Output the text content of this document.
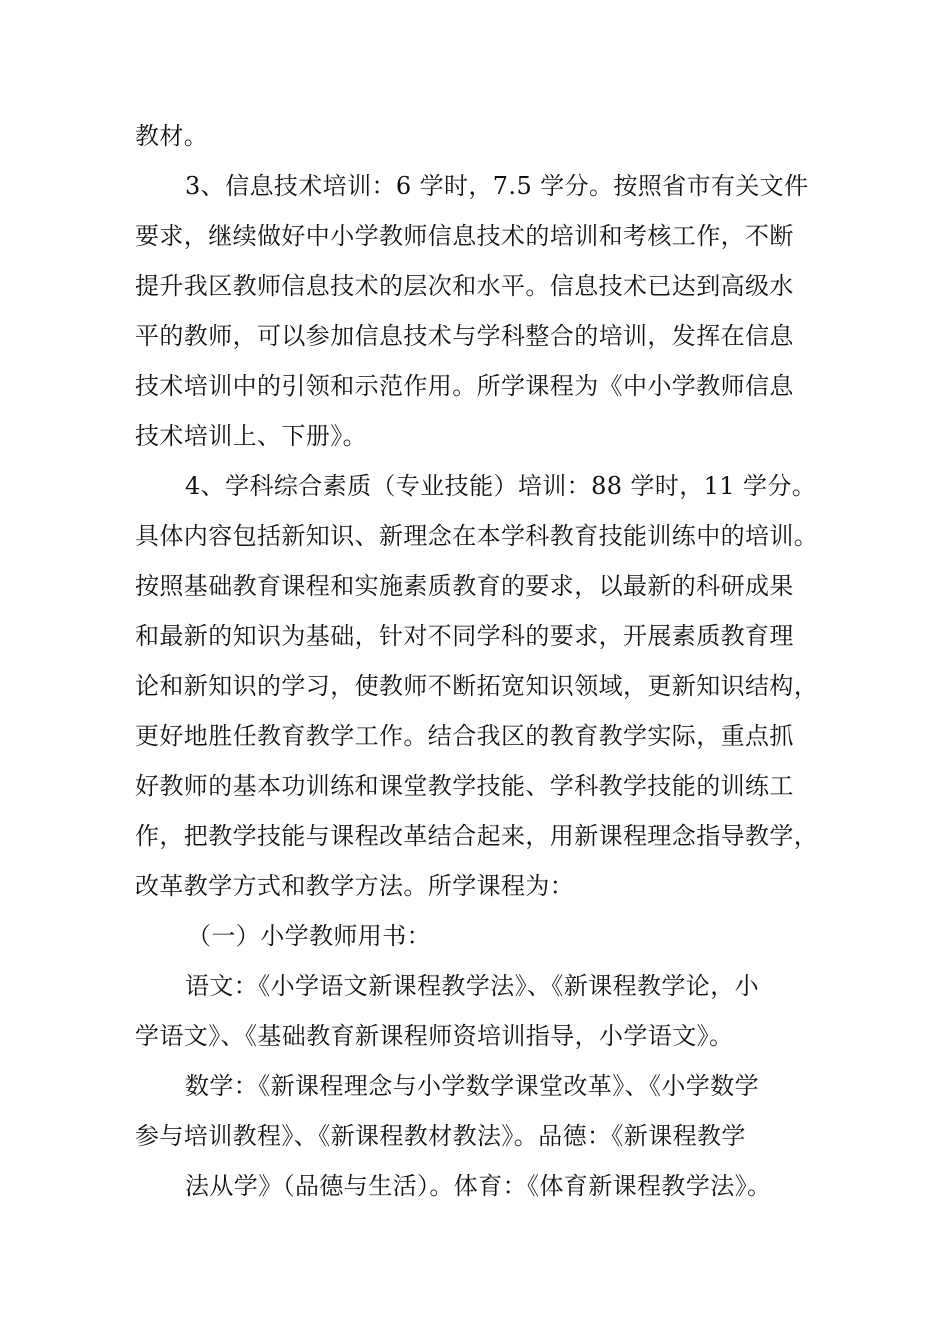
教材。
3、信息技术培训：6 学时，7.5 学分。按照省市有关文件
要求，继续做好中小学教师信息技术的培训和考核工作，不断
提升我区教师信息技术的层次和水平。信息技术已达到高级水
平的教师，可以参加信息技术与学科整合的培训，发挥在信息
技术培训中的引领和示范作用。所学课程为《中小学教师信息
技术培训上、下册》。
4、学科综合素质（专业技能）培训：88 学时，11 学分。
具体内容包括新知识、新理念在本学科教育技能训练中的培训。
按照基础教育课程和实施素质教育的要求，以最新的科研成果
和最新的知识为基础，针对不同学科的要求，开展素质教育理
论和新知识的学习，使教师不断拓宽知识领域，更新知识结构，
更好地胜任教育教学工作。结合我区的教育教学实际，重点抓
好教师的基本功训练和课堂教学技能、学科教学技能的训练工
作，把教学技能与课程改革结合起来，用新课程理念指导教学，
改革教学方式和教学方法。所学课程为：
（一）小学教师用书：
语文：《小学语文新课程教学法》、《新课程教学论，小
学语文》、《基础教育新课程师资培训指导，小学语文》。
数学：《新课程理念与小学数学课堂改革》、《小学数学
参与培训教程》、《新课程教材教法》。品德：《新课程教学
法从学》（品德与生活）。体育：《体育新课程教学法》。
